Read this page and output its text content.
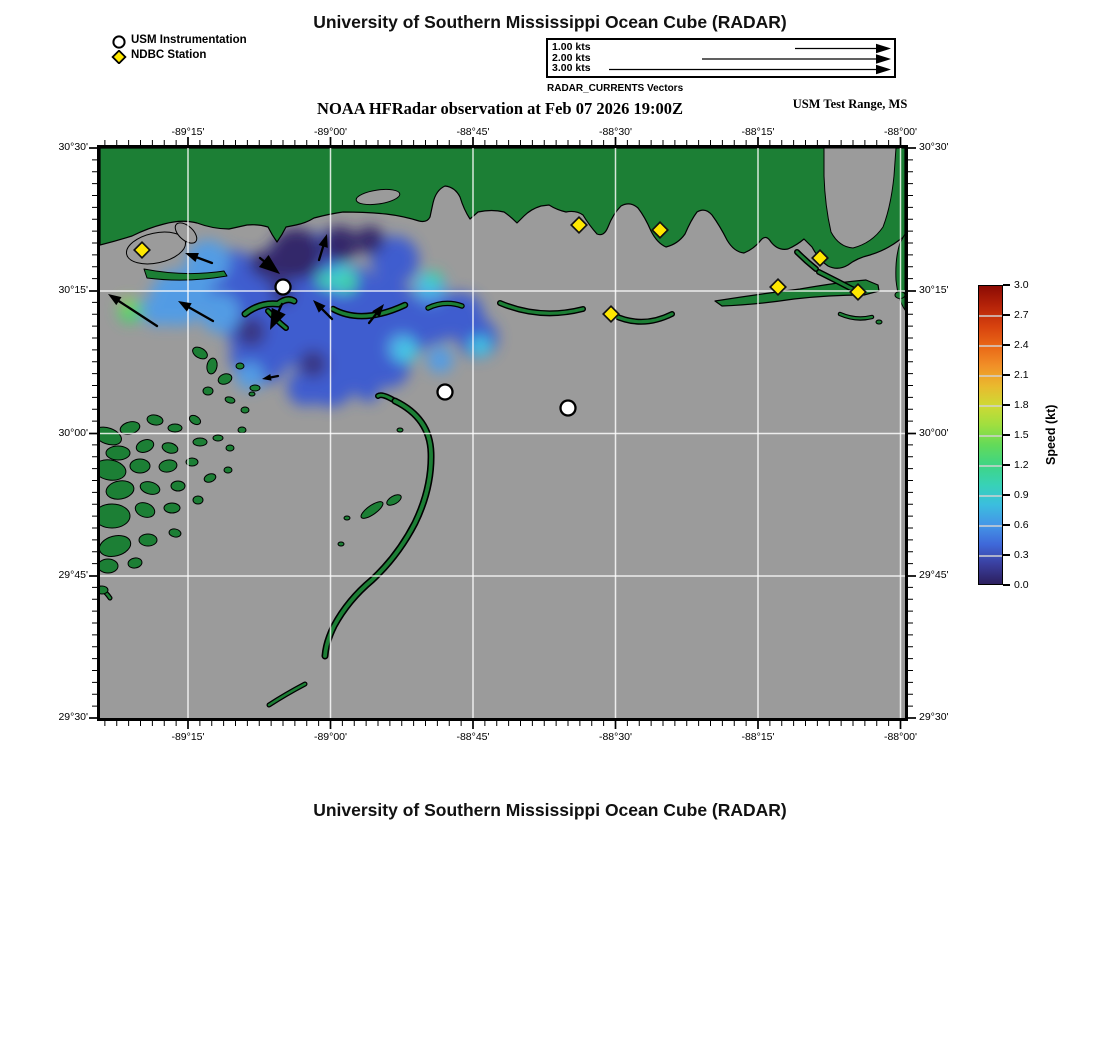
University of Southern Mississippi Ocean Cube (RADAR)
USM Instrumentation
NDBC Station
1.00 kts
2.00 kts
3.00 kts
RADAR_CURRENTS Vectors
NOAA HFRadar observation at Feb 07 2026 19:00Z	USM Test Range, MS
-89°15'
-89°15'
-89°00'
-89°00'
-88°45'
-88°45'
-88°30'
-88°30'
-88°15'
-88°15'
-88°00'
-88°00'
30°30'	30°30'
30°15'	30°15'
30°00'	30°00'
29°45'	29°45'
29°30'	29°30'
3.0
2.7
2.4
2.1
1.8
1.5
1.2
0.9
0.6
0.3
0.0
Speed (kt)
University of Southern Mississippi Ocean Cube (RADAR)
